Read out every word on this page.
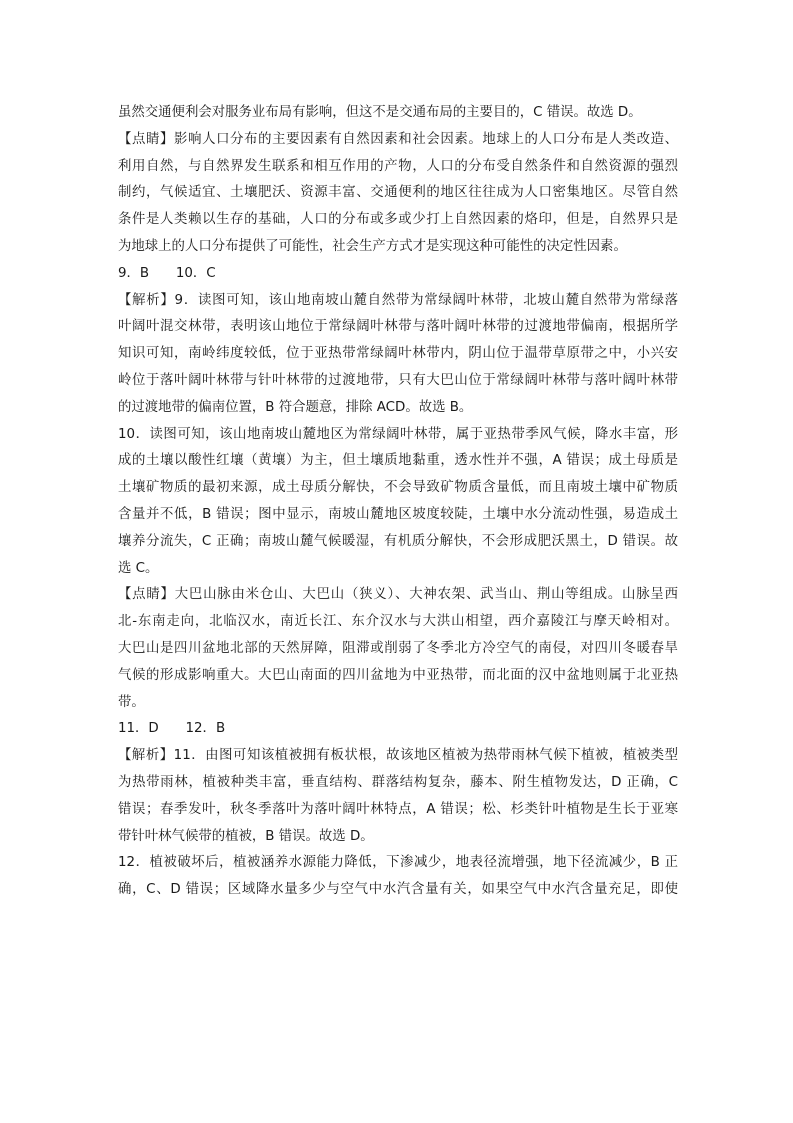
虽然交通便利会对服务业布局有影响，但这不是交通布局的主要目的，C 错误。故选 D。
【点睛】影响人口分布的主要因素有自然因素和社会因素。地球上的人口分布是人类改造、
利用自然，与自然界发生联系和相互作用的产物，人口的分布受自然条件和自然资源的强烈
制约，气候适宜、土壤肥沃、资源丰富、交通便利的地区往往成为人口密集地区。尽管自然
条件是人类赖以生存的基础，人口的分布或多或少打上自然因素的烙印，但是，自然界只是
为地球上的人口分布提供了可能性，社会生产方式才是实现这种可能性的决定性因素。
9．B　　10．C
【解析】9．读图可知，该山地南坡山麓自然带为常绿阔叶林带，北坡山麓自然带为常绿落
叶阔叶混交林带，表明该山地位于常绿阔叶林带与落叶阔叶林带的过渡地带偏南，根据所学
知识可知，南岭纬度较低，位于亚热带常绿阔叶林带内，阴山位于温带草原带之中，小兴安
岭位于落叶阔叶林带与针叶林带的过渡地带，只有大巴山位于常绿阔叶林带与落叶阔叶林带
的过渡地带的偏南位置，B 符合题意，排除 ACD。故选 B。
10．读图可知，该山地南坡山麓地区为常绿阔叶林带，属于亚热带季风气候，降水丰富，形
成的土壤以酸性红壤（黄壤）为主，但土壤质地黏重，透水性并不强，A 错误；成土母质是
土壤矿物质的最初来源，成土母质分解快，不会导致矿物质含量低，而且南坡土壤中矿物质
含量并不低，B 错误；图中显示，南坡山麓地区坡度较陡，土壤中水分流动性强，易造成土
壤养分流失，C 正确；南坡山麓气候暖湿，有机质分解快，不会形成肥沃黑土，D 错误。故
选 C。
【点睛】大巴山脉由米仓山、大巴山（狭义）、大神农架、武当山、荆山等组成。山脉呈西
北-东南走向，北临汉水，南近长江、东介汉水与大洪山相望，西介嘉陵江与摩天岭相对。
大巴山是四川盆地北部的天然屏障，阻滞或削弱了冬季北方冷空气的南侵，对四川冬暖春旱
气候的形成影响重大。大巴山南面的四川盆地为中亚热带，而北面的汉中盆地则属于北亚热
带。
11．D　　12．B
【解析】11．由图可知该植被拥有板状根，故该地区植被为热带雨林气候下植被，植被类型
为热带雨林，植被种类丰富，垂直结构、群落结构复杂，藤本、附生植物发达，D 正确，C
错误；春季发叶，秋冬季落叶为落叶阔叶林特点，A 错误；松、杉类针叶植物是生长于亚寒
带针叶林气候带的植被，B 错误。故选 D。
12．植被破坏后，植被涵养水源能力降低，下渗减少，地表径流增强，地下径流减少，B 正
确，C、D 错误；区域降水量多少与空气中水汽含量有关，如果空气中水汽含量充足，即使
